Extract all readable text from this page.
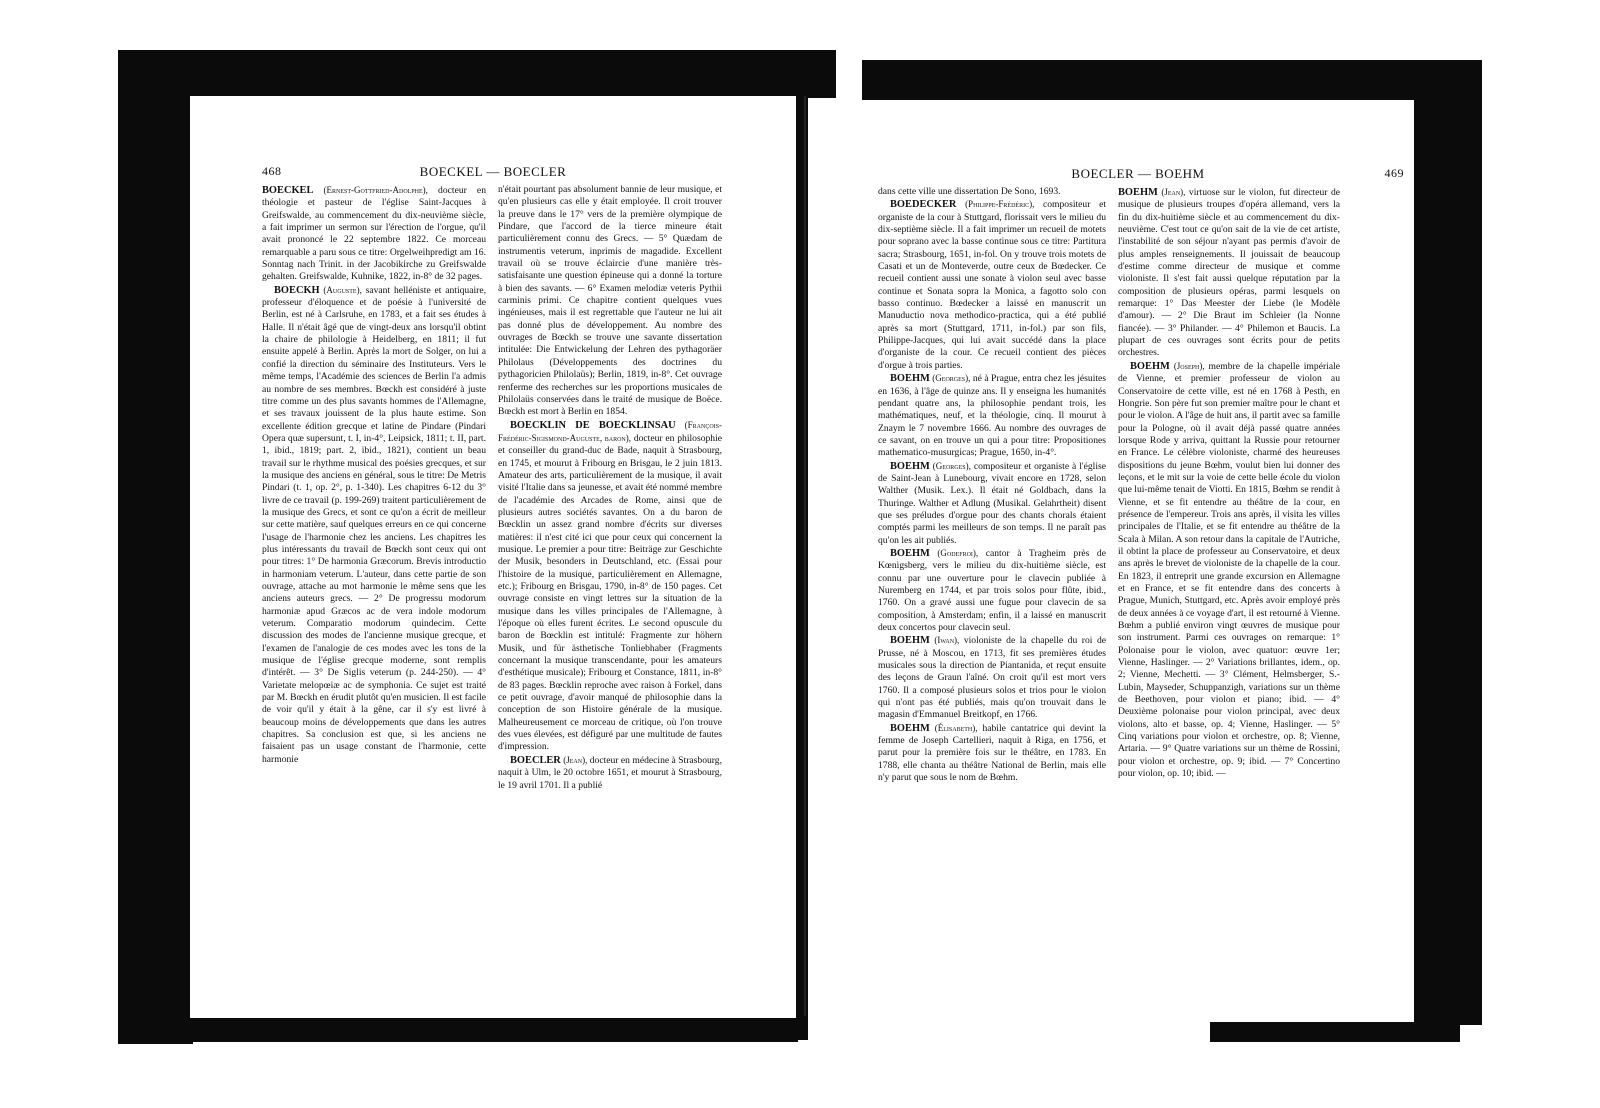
468	BOECKEL — BOECLER

BOECKEL (Ernest-Gottfried-Adolphe), docteur en théologie et pasteur de l'église Saint-Jacques à Greifswalde, au commencement du dix-neuvième siècle, a fait imprimer un sermon sur l'érection de l'orgue, qu'il avait prononcé le 22 septembre 1822. Ce morceau remarquable a paru sous ce titre: Orgelweihpredigt am 16. Sonntag nach Trinit. in der Jacobikirche zu Greifswalde gehalten. Greifswalde, Kuhnike, 1822, in-8° de 32 pages.

BOECKH (Auguste), savant helléniste et antiquaire, professeur d'éloquence et de poésie à l'université de Berlin, est né à Carlsruhe, en 1783, et a fait ses études à Halle. Il n'était âgé que de vingt-deux ans lorsqu'il obtint la chaire de philologie à Heidelberg, en 1811; il fut ensuite appelé à Berlin. Après la mort de Solger, on lui a confié la direction du séminaire des Instituteurs. Vers le même temps, l'Académie des sciences de Berlin l'a admis au nombre de ses membres. Bœckh est considéré à juste titre comme un des plus savants hommes de l'Allemagne, et ses travaux jouissent de la plus haute estime. Son excellente édition grecque et latine de Pindare (Pindari Opera quæ supersunt, t. I, in-4°, Leipsick, 1811; t. II, part. 1, ibid., 1819; part. 2, ibid., 1821), contient un beau travail sur le rhythme musical des poésies grecques, et sur la musique des anciens en général, sous le titre: De Metris Pindari (t. 1, op. 2°, p. 1-340). Les chapitres 6-12 du 3° livre de ce travail (p. 199-269) traitent particulièrement de la musique des Grecs, et sont ce qu'on a écrit de meilleur sur cette matière, sauf quelques erreurs en ce qui concerne l'usage de l'harmonie chez les anciens. Les chapitres les plus intéressants du travail de Bœckh sont ceux qui ont pour titres: 1° De harmonia Græcorum. Brevis introductio in harmoniam veterum. L'auteur, dans cette partie de son ouvrage, attache au mot harmonie le même sens que les anciens auteurs grecs. — 2° De progressu modorum harmoniæ apud Græcos ac de vera indole modorum veterum. Comparatio modorum quindecim. Cette discussion des modes de l'ancienne musique grecque, et l'examen de l'analogie de ces modes avec les tons de la musique de l'église grecque moderne, sont remplis d'intérêt. — 3° De Siglis veterum (p. 244-250). — 4° Varietate melopœiæ ac de symphonia. Ce sujet est traité par M. Bœckh en érudit plutôt qu'en musicien. Il est facile de voir qu'il y était à la gêne, car il s'y est livré à beaucoup moins de développements que dans les autres chapitres. Sa conclusion est que, si les anciens ne faisaient pas un usage constant de l'harmonie, cette harmonie

n'était pourtant pas absolument bannie de leur musique, et qu'en plusieurs cas elle y était employée. Il croit trouver la preuve dans le 17° vers de la première olympique de Pindare, que l'accord de la tierce mineure était particulièrement connu des Grecs. — 5° Quædam de instrumentis veterum, inprimis de magadide. Excellent travail où se trouve éclaircie d'une manière très-satisfaisante une question épineuse qui a donné la torture à bien des savants. — 6° Examen melodiæ veteris Pythii carminis primi. Ce chapitre contient quelques vues ingénieuses, mais il est regrettable que l'auteur ne lui ait pas donné plus de développement. Au nombre des ouvrages de Bœckh se trouve une savante dissertation intitulée: Die Entwickelung der Lehren des pythagoräer Philolaus (Développements des doctrines du pythagoricien Philolaüs); Berlin, 1819, in-8°. Cet ouvrage renferme des recherches sur les proportions musicales de Philolaüs conservées dans le traité de musique de Boëce. Bœckh est mort à Berlin en 1854.

BOECKLIN DE BOECKLINSAU (François-Frédéric-Sigismond-Auguste, baron), docteur en philosophie et conseiller du grand-duc de Bade, naquit à Strasbourg, en 1745, et mourut à Fribourg en Brisgau, le 2 juin 1813. Amateur des arts, particulièrement de la musique, il avait visité l'Italie dans sa jeunesse, et avait été nommé membre de l'académie des Arcades de Rome, ainsi que de plusieurs autres sociétés savantes. On a du baron de Bœcklin un assez grand nombre d'écrits sur diverses matières: il n'est cité ici que pour ceux qui concernent la musique. Le premier a pour titre: Beiträge zur Geschichte der Musik, besonders in Deutschland, etc. (Essai pour l'histoire de la musique, particulièrement en Allemagne, etc.); Fribourg en Brisgau, 1790, in-8° de 150 pages. Cet ouvrage consiste en vingt lettres sur la situation de la musique dans les villes principales de l'Allemagne, à l'époque où elles furent écrites. Le second opuscule du baron de Bœcklin est intitulé: Fragmente zur höhern Musik, und für ästhetische Tonliebhaber (Fragments concernant la musique transcendante, pour les amateurs d'esthétique musicale); Fribourg et Constance, 1811, in-8° de 83 pages. Bœcklin reproche avec raison à Forkel, dans ce petit ouvrage, d'avoir manqué de philosophie dans la conception de son Histoire générale de la musique. Malheureusement ce morceau de critique, où l'on trouve des vues élevées, est défiguré par une multitude de fautes d'impression.

BOECLER (Jean), docteur en médecine à Strasbourg, naquit à Ulm, le 20 octobre 1651, et mourut à Strasbourg, le 19 avril 1701. Il a publié

BOECLER — BOEHM	469

dans cette ville une dissertation De Sono, 1693.

BOEDECKER (Philippe-Frédéric), compositeur et organiste de la cour à Stuttgard, florissait vers le milieu du dix-septième siècle. Il a fait imprimer un recueil de motets pour soprano avec la basse continue sous ce titre: Partitura sacra; Strasbourg, 1651, in-fol. On y trouve trois motets de Casati et un de Monteverde, outre ceux de Bœdecker. Ce recueil contient aussi une sonate à violon seul avec basse continue et Sonata sopra la Monica, a fagotto solo con basso continuo. Bœdecker a laissé en manuscrit un Manuductio nova methodico-practica, qui a été publié après sa mort (Stuttgard, 1711, in-fol.) par son fils, Philippe-Jacques, qui lui avait succédé dans la place d'organiste de la cour. Ce recueil contient des pièces d'orgue à trois parties.

BOEHM (Georges), né à Prague, entra chez les jésuites en 1636, à l'âge de quinze ans. Il y enseigna les humanités pendant quatre ans, la philosophie pendant trois, les mathématiques, neuf, et la théologie, cinq. Il mourut à Znaym le 7 novembre 1666. Au nombre des ouvrages de ce savant, on en trouve un qui a pour titre: Propositiones mathematico-musurgicas; Prague, 1650, in-4°.

BOEHM (Georges), compositeur et organiste à l'église de Saint-Jean à Lunebourg, vivait encore en 1728, selon Walther (Musik. Lex.). Il était né Goldbach, dans la Thuringe. Walther et Adlung (Musikal. Gelahrtheit) disent que ses préludes d'orgue pour des chants chorals étaient comptés parmi les meilleurs de son temps. Il ne paraît pas qu'on les ait publiés.

BOEHM (Godefroi), cantor à Tragheim près de Kœnigsberg, vers le milieu du dix-huitième siècle, est connu par une ouverture pour le clavecin publiée à Nuremberg en 1744, et par trois solos pour flûte, ibid., 1760. On a gravé aussi une fugue pour clavecin de sa composition, à Amsterdam; enfin, il a laissé en manuscrit deux concertos pour clavecin seul.

BOEHM (Iwan), violoniste de la chapelle du roi de Prusse, né à Moscou, en 1713, fit ses premières études musicales sous la direction de Piantanida, et reçut ensuite des leçons de Graun l'aîné. On croit qu'il est mort vers 1760. Il a composé plusieurs solos et trios pour le violon qui n'ont pas été publiés, mais qu'on trouvait dans le magasin d'Emmanuel Breitkopf, en 1766.

BOEHM (Élisabeth), habile cantatrice qui devint la femme de Joseph Cartellieri, naquit à Riga, en 1756, et parut pour la première fois sur le théâtre, en 1783. En 1788, elle chanta au théâtre National de Berlin, mais elle n'y parut que sous le nom de Bœhm.

BOEHM (Jean), virtuose sur le violon, fut directeur de musique de plusieurs troupes d'opéra allemand, vers la fin du dix-huitième siècle et au commencement du dix-neuvième. C'est tout ce qu'on sait de la vie de cet artiste, l'instabilité de son séjour n'ayant pas permis d'avoir de plus amples renseignements. Il jouissait de beaucoup d'estime comme directeur de musique et comme violoniste. Il s'est fait aussi quelque réputation par la composition de plusieurs opéras, parmi lesquels on remarque: 1° Das Meester der Liebe (le Modèle d'amour). — 2° Die Braut im Schleier (la Nonne fiancée). — 3° Philander. — 4° Philemon et Baucis. La plupart de ces ouvrages sont écrits pour de petits orchestres.

BOEHM (Joseph), membre de la chapelle impériale de Vienne, et premier professeur de violon au Conservatoire de cette ville, est né en 1768 à Pesth, en Hongrie. Son père fut son premier maître pour le chant et pour le violon. A l'âge de huit ans, il partit avec sa famille pour la Pologne, où il avait déjà passé quatre années lorsque Rode y arriva, quittant la Russie pour retourner en France. Le célèbre violoniste, charmé des heureuses dispositions du jeune Bœhm, voulut bien lui donner des leçons, et le mit sur la voie de cette belle école du violon que lui-même tenait de Viotti. En 1815, Bœhm se rendit à Vienne, et se fit entendre au théâtre de la cour, en présence de l'empereur. Trois ans après, il visita les villes principales de l'Italie, et se fit entendre au théâtre de la Scala à Milan. A son retour dans la capitale de l'Autriche, il obtint la place de professeur au Conservatoire, et deux ans après le brevet de violoniste de la chapelle de la cour. En 1823, il entreprit une grande excursion en Allemagne et en France, et se fit entendre dans des concerts à Prague, Munich, Stuttgard, etc. Après avoir employé près de deux années à ce voyage d'art, il est retourné à Vienne. Bœhm a publié environ vingt œuvres de musique pour son instrument. Parmi ces ouvrages on remarque: 1° Polonaise pour le violon, avec quatuor: œuvre 1er; Vienne, Haslinger. — 2° Variations brillantes, idem., op. 2; Vienne, Mechetti. — 3° Clément, Helmsberger, S.-Lubin, Mayseder, Schuppanzigh, variations sur un thème de Beethoven, pour violon et piano; ibid. — 4° Deuxième polonaise pour violon principal, avec deux violons, alto et basse, op. 4; Vienne, Haslinger. — 5° Cinq variations pour violon et orchestre, op. 8; Vienne, Artaria. — 9° Quatre variations sur un thème de Rossini, pour violon et orchestre, op. 9; ibid. — 7° Concertino pour violon, op. 10; ibid. —
